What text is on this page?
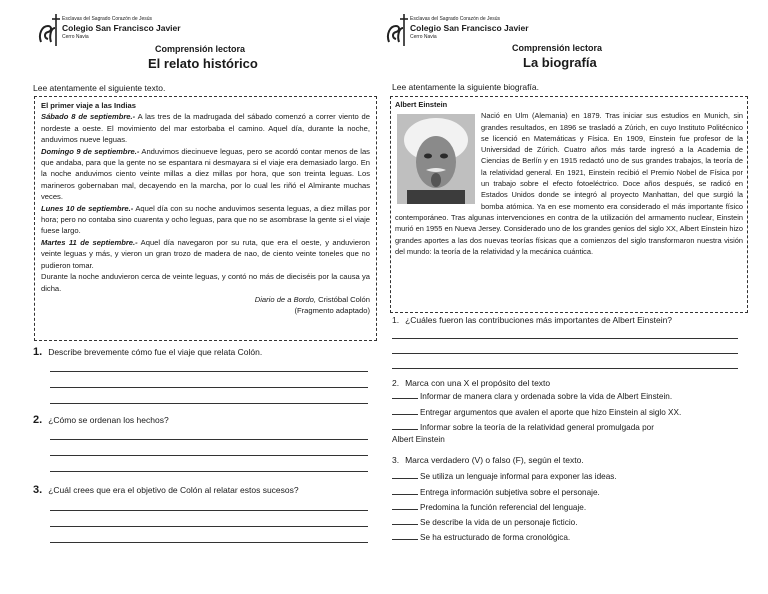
Esclavas del Sagrado Corazón de Jesús
Colegio San Francisco Javier
Cerro Navia
Comprensión lectora
El relato histórico
Lee atentamente el siguiente texto.

El primer viaje a las Indias

Sábado 8 de septiembre.- A las tres de la madrugada del sábado comenzó a correr viento de nordeste a oeste. El movimiento del mar estorbaba el camino. Aquel día, durante la noche, anduvimos nueve leguas.

Domingo 9 de septiembre.- Anduvimos diecinueve leguas, pero se acordó contar menos de las que andaba, para que la gente no se espantara ni desmayara si el viaje era demasiado largo. En la noche anduvimos ciento veinte millas a diez millas por hora, que son treinta leguas. Los marineros gobernaban mal, decayendo en la marcha, por lo cual les riñó el Almirante muchas veces.

Lunes 10 de septiembre.- Aquel día con su noche anduvimos sesenta leguas, a diez millas por hora; pero no contaba sino cuarenta y ocho leguas, para que no se asombrase la gente si el viaje fuese largo.

Martes 11 de septiembre.- Aquel día navegaron por su ruta, que era el oeste, y anduvieron veinte leguas y más, y vieron un gran trozo de madera de nao, de ciento veinte toneles que no pudieron tomar.

Durante la noche anduvieron cerca de veinte leguas, y contó no más de dieciséis por la causa ya dicha.

Diario de a Bordo, Cristóbal Colón

(Fragmento adaptado)

1. Describe brevemente cómo fue el viaje que relata Colón.
2. ¿Cómo se ordenan los hechos?
3. ¿Cuál crees que era el objetivo de Colón al relatar estos sucesos?
Esclavas del Sagrado Corazón de Jesús
Colegio San Francisco Javier
Cerro Navia
Comprensión lectora
La biografía
Lee atentamente la siguiente biografía.

Albert Einstein

Nació en Ulm (Alemania) en 1879. Tras iniciar sus estudios en Munich, sin grandes resultados, en 1896 se trasladó a Zúrich, en cuyo Instituto Politécnico se licenció en Matemáticas y Física. En 1909, Einstein fue profesor de la Universidad de Zúrich. Cuatro años más tarde ingresó a la Academia de Ciencias de Berlín y en 1915 redactó uno de sus grandes trabajos, la teoría de la relatividad general. En 1921, Einstein recibió el Premio Nobel de Física por un trabajo sobre el efecto fotoeléctrico. Doce años después, se radicó en Estados Unidos donde se integró al proyecto Manhattan, del que surgió la bomba atómica. Ya en ese momento era considerado el más importante físico contemporáneo. Tras algunas intervenciones en contra de la utilización del armamento nuclear, Einstein murió en 1955 en Nueva Jersey. Considerado uno de los grandes genios del siglo XX, Albert Einstein hizo grandes aportes a las dos nuevas teorías físicas que a comienzos del siglo transformaron nuestra visión del mundo: la teoría de la relatividad y la mecánica cuántica.

1. ¿Cuáles fueron las contribuciones más importantes de Albert Einstein?
2. Marca con una X el propósito del texto
Informar de manera clara y ordenada sobre la vida de Albert Einstein.
Entregar argumentos que avalen el aporte que hizo Einstein al siglo XX.
Informar sobre la teoría de la relatividad general promulgada por
Albert Einstein
3. Marca verdadero (V) o falso (F), según el texto.
Se utiliza un lenguaje informal para exponer las ideas.
Entrega información subjetiva sobre el personaje.
Predomina la función referencial del lenguaje.
Se describe la vida de un personaje ficticio.
Se ha estructurado de forma cronológica.
